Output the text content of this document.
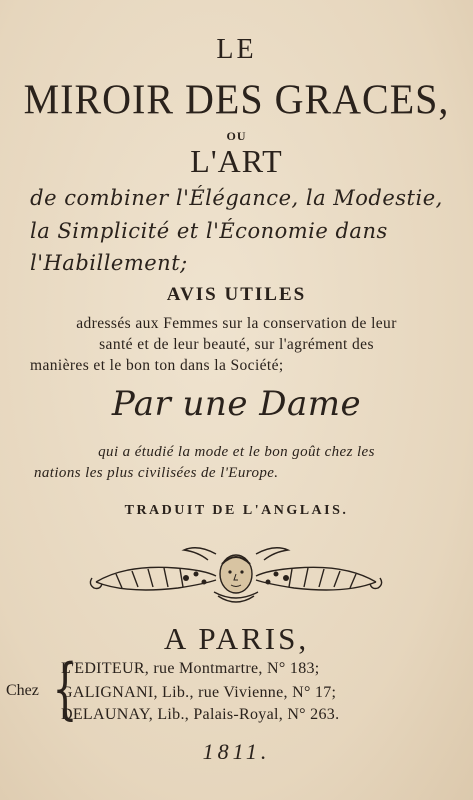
LE
MIROIR DES GRACES,
OU
L'ART
de combiner l'Élégance, la Modestie,
la Simplicité et l'Économie dans
l'Habillement;
AVIS UTILES
adressés aux Femmes sur la conservation de leur
santé et de leur beauté, sur l'agrément des
manières et le bon ton dans la Société;
Par une Dame
qui a étudié la mode et le bon goût chez les
nations les plus civilisées de l'Europe.
TRADUIT DE L'ANGLAIS.
A PARIS,
Chez {
L'EDITEUR, rue Montmartre, N° 183;
GALIGNANI, Lib., rue Vivienne, N° 17;
DELAUNAY, Lib., Palais-Royal, N° 263.
1811.
